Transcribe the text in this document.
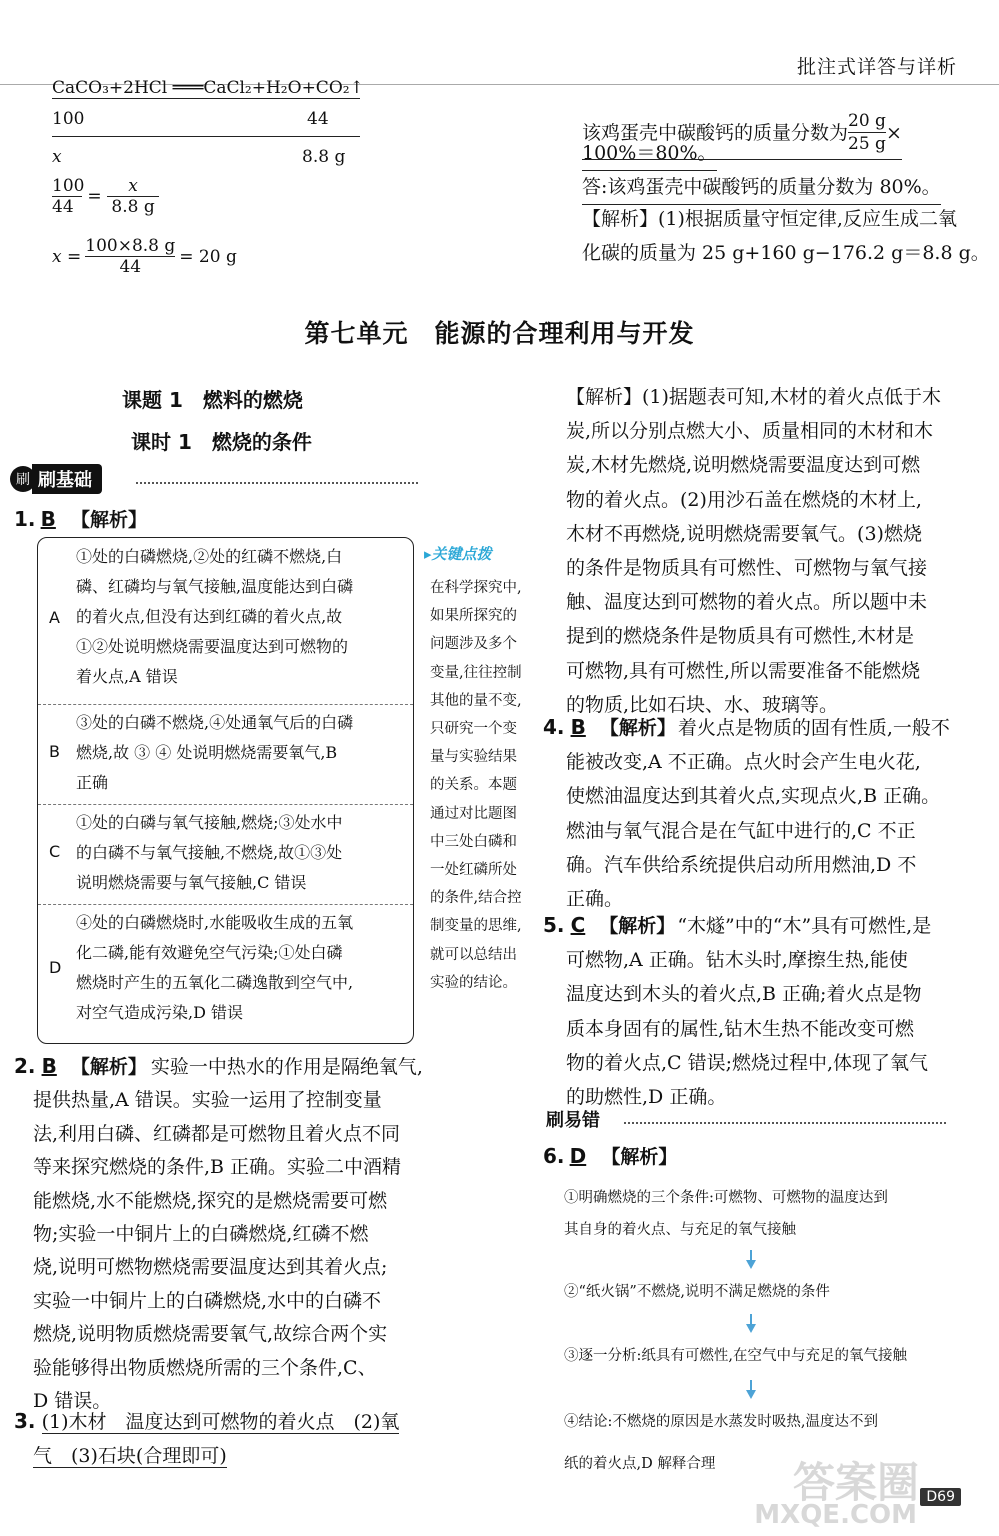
批注式详答与详析
CaCO₃+2HCl ═══CaCl₂+H₂O+CO₂↑
100	44
x	8.8 g
$\frac{100}{44} = \frac{x}{8.8 g}$
$x = \frac{100\times 8.8 g}{44} = 20$ g
该鸡蛋壳中碳酸钙的质量分数为 $\frac{20 g}{25 g}$ ×
100%＝80%。
答:该鸡蛋壳中碳酸钙的质量分数为 80%。
【解析】(1)根据质量守恒定律,反应生成二氧
化碳的质量为 25 g+160 g−176.2 g＝8.8 g。
第七单元　能源的合理利用与开发
课题 1　燃料的燃烧
课时 1　燃烧的条件
刷 刷基础
1. B 【解析】
A
①处的白磷燃烧,②处的红磷不燃烧,白
磷、红磷均与氧气接触,温度能达到白磷
的着火点,但没有达到红磷的着火点,故
①②处说明燃烧需要温度达到可燃物的
着火点,A 错误
B
③处的白磷不燃烧,④处通氧气后的白磷
燃烧,故 ③ ④ 处说明燃烧需要氧气,B
正确
C
①处的白磷与氧气接触,燃烧;③处水中
的白磷不与氧气接触,不燃烧,故①③处
说明燃烧需要与氧气接触,C 错误
D
④处的白磷燃烧时,水能吸收生成的五氧
化二磷,能有效避免空气污染;①处白磷
燃烧时产生的五氧化二磷逸散到空气中,
对空气造成污染,D 错误
▸关键点拨
在科学探究中,
如果所探究的
问题涉及多个
变量,往往控制
其他的量不变,
只研究一个变
量与实验结果
的关系。本题
通过对比题图
中三处白磷和
一处红磷所处
的条件,结合控
制变量的思维,
就可以总结出
实验的结论。
2. B 【解析】 实验一中热水的作用是隔绝氧气,
提供热量,A 错误。实验一运用了控制变量
法,利用白磷、红磷都是可燃物且着火点不同
等来探究燃烧的条件,B 正确。实验二中酒精
能燃烧,水不能燃烧,探究的是燃烧需要可燃
物;实验一中铜片上的白磷燃烧,红磷不燃
烧,说明可燃物燃烧需要温度达到其着火点;
实验一中铜片上的白磷燃烧,水中的白磷不
燃烧,说明物质燃烧需要氧气,故综合两个实
验能够得出物质燃烧所需的三个条件,C、
D 错误。
3. (1)木材　温度达到可燃物的着火点　(2)氧
气　(3)石块(合理即可)
【解析】(1)据题表可知,木材的着火点低于木
炭,所以分别点燃大小、质量相同的木材和木
炭,木材先燃烧,说明燃烧需要温度达到可燃
物的着火点。(2)用沙石盖在燃烧的木材上,
木材不再燃烧,说明燃烧需要氧气。(3)燃烧
的条件是物质具有可燃性、可燃物与氧气接
触、温度达到可燃物的着火点。所以题中未
提到的燃烧条件是物质具有可燃性,木材是
可燃物,具有可燃性,所以需要准备不能燃烧
的物质,比如石块、水、玻璃等。
4. B 【解析】 着火点是物质的固有性质,一般不
能被改变,A 不正确。点火时会产生电火花,
使燃油温度达到其着火点,实现点火,B 正确。
燃油与氧气混合是在气缸中进行的,C 不正
确。汽车供给系统提供启动所用燃油,D 不
正确。
5. C 【解析】 “木燧”中的“木”具有可燃性,是
可燃物,A 正确。钻木头时,摩擦生热,能使
温度达到木头的着火点,B 正确;着火点是物
质本身固有的属性,钻木生热不能改变可燃
物的着火点,C 错误;燃烧过程中,体现了氧气
的助燃性,D 正确。
刷易错
6. D 【解析】
①明确燃烧的三个条件:可燃物、可燃物的温度达到
其自身的着火点、与充足的氧气接触
②“纸火锅”不燃烧,说明不满足燃烧的条件
③逐一分析:纸具有可燃性,在空气中与充足的氧气接触
④结论:不燃烧的原因是水蒸发时吸热,温度达不到
纸的着火点,D 解释合理	答案圈
MXQE.COM
D69
